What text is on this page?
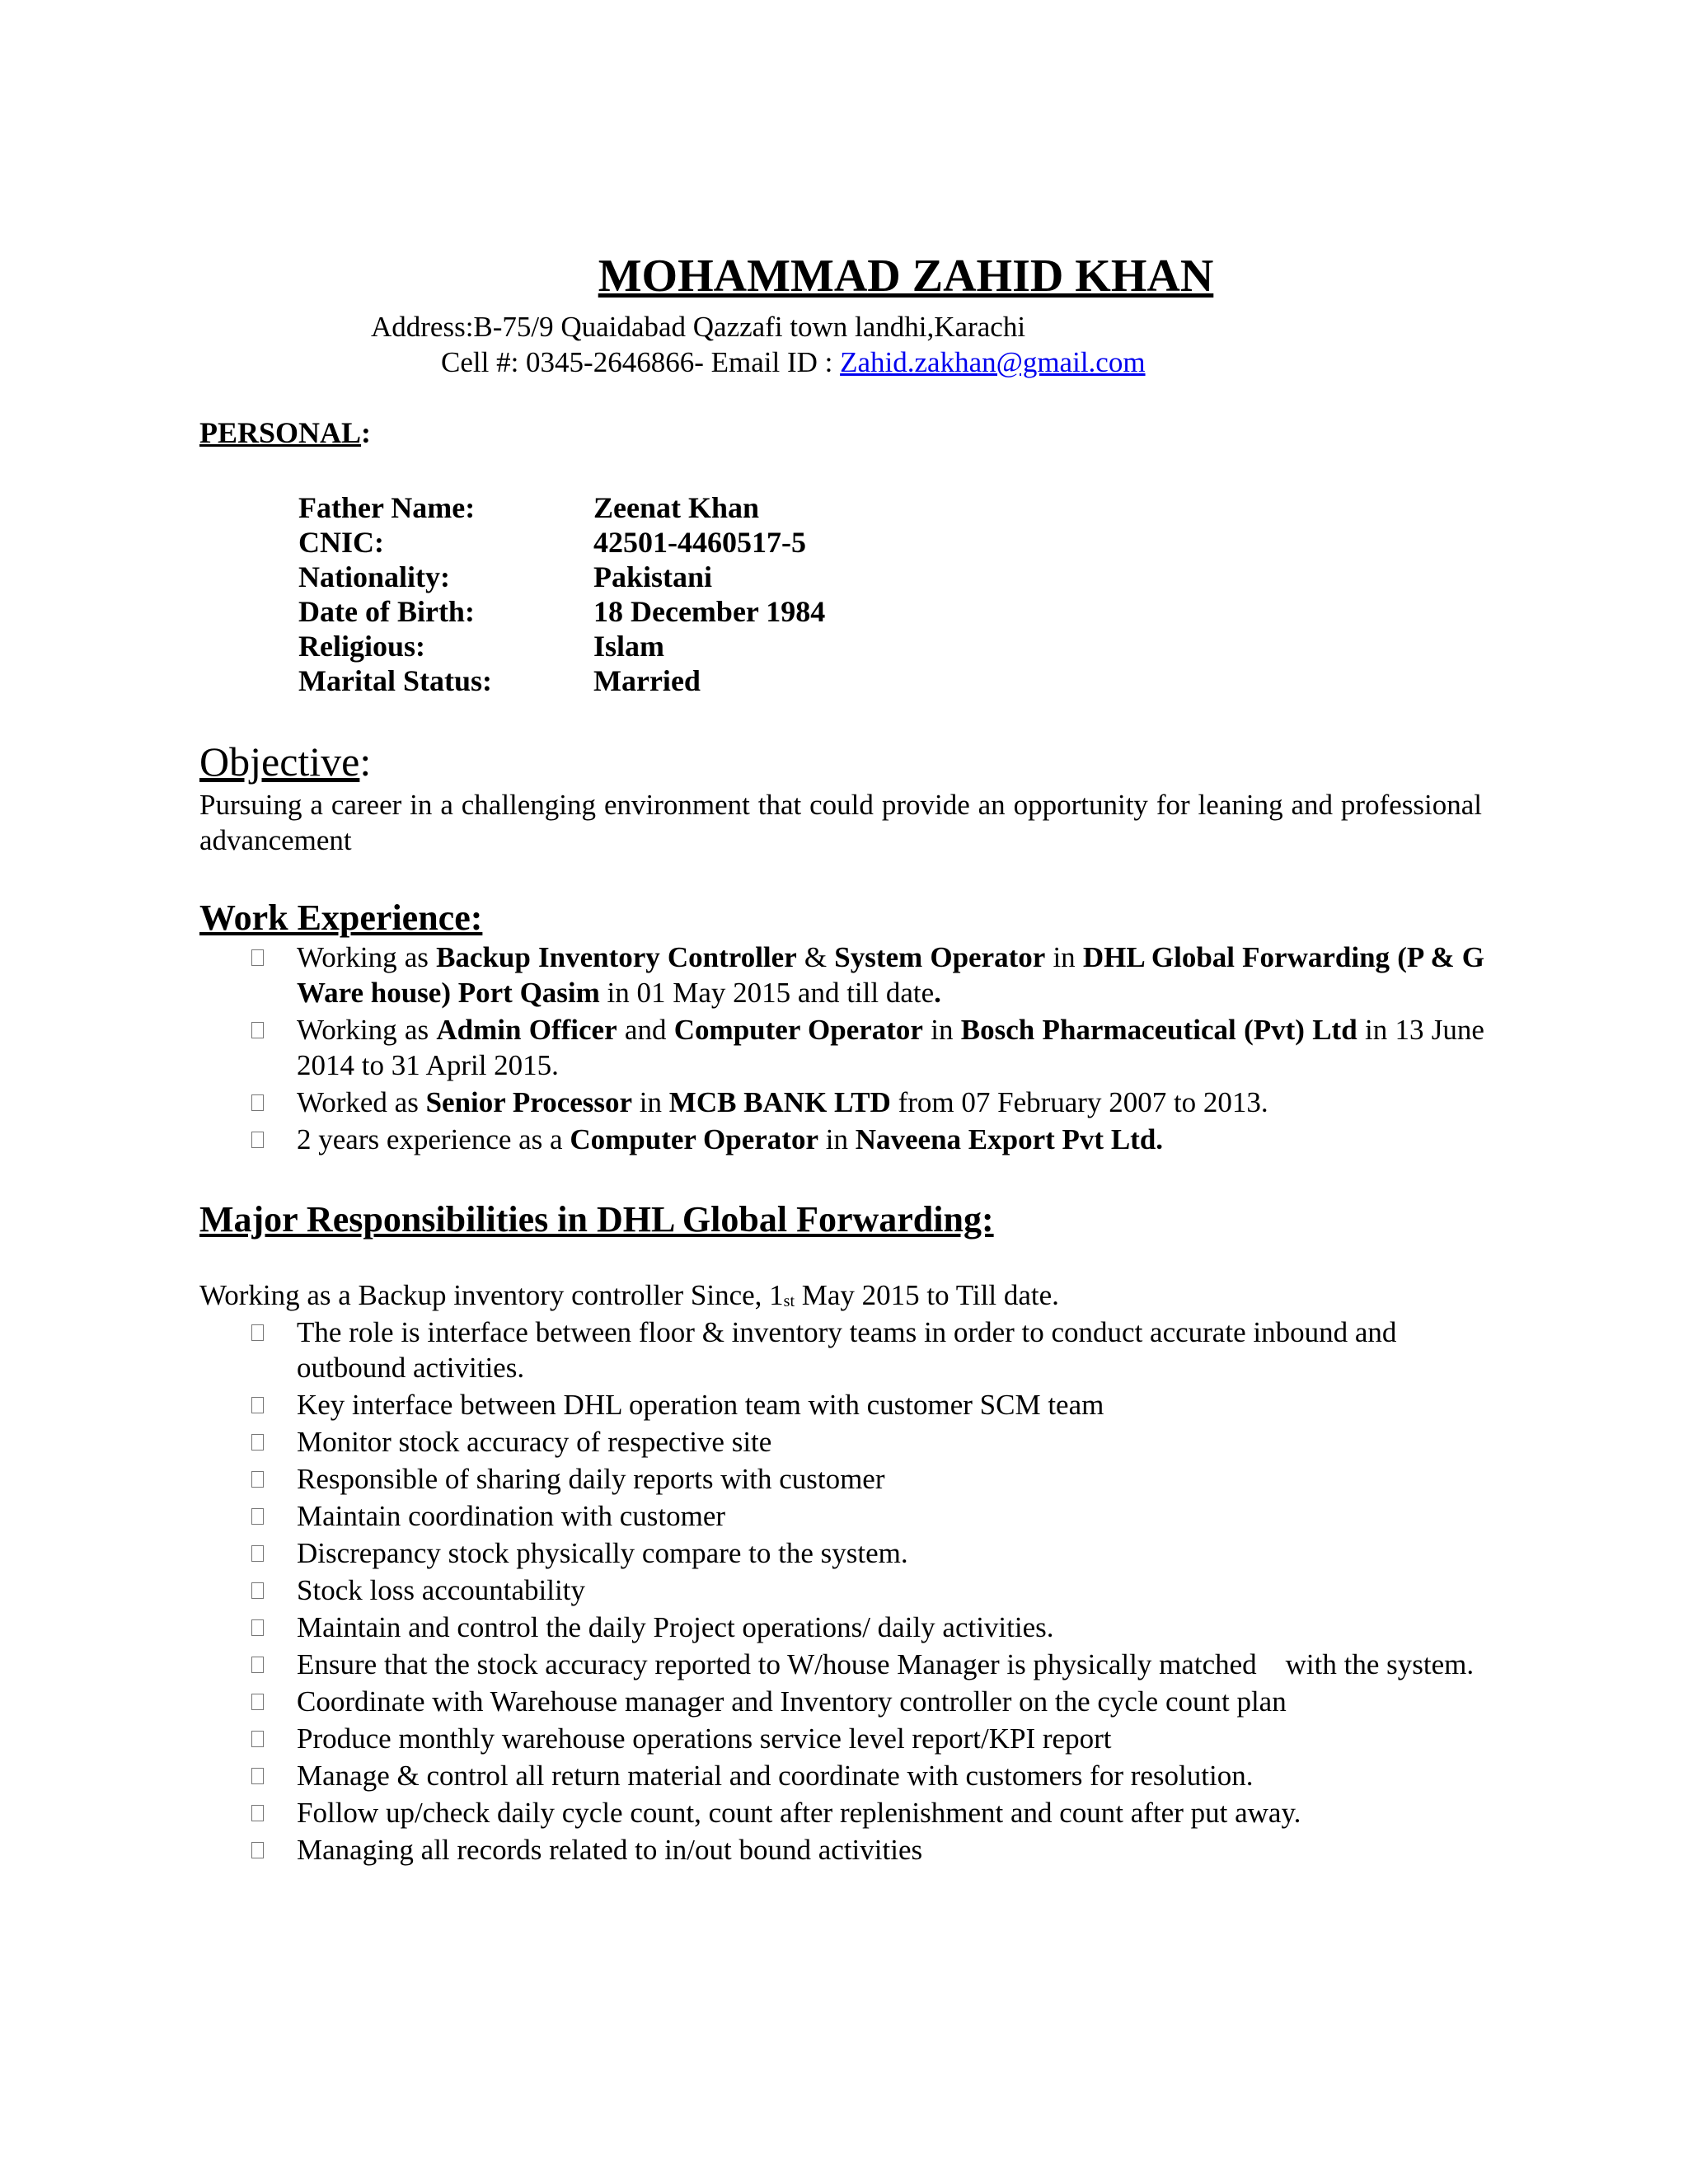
MOHAMMAD ZAHID KHAN
Address:B-75/9 Quaidabad Qazzafi town landhi,Karachi
Cell #: 0345-2646866- Email ID : Zahid.zakhan@gmail.com
PERSONAL:
Father Name:	Zeenat Khan
CNIC:	42501-4460517-5
Nationality:	Pakistani
Date of Birth:	18 December 1984
Religious:	Islam
Marital Status:	Married
Objective:
Pursuing a career in a challenging environment that could provide an opportunity for leaning and professional advancement
Work Experience:
Working as Backup Inventory Controller & System Operator in DHL Global Forwarding (P & G Ware house) Port Qasim in 01 May 2015 and till date.
Working as Admin Officer and Computer Operator in Bosch Pharmaceutical (Pvt) Ltd in 13 June 2014 to 31 April 2015.
Worked as Senior Processor in MCB BANK LTD from 07 February 2007 to 2013.
2 years experience as a Computer Operator in Naveena Export Pvt Ltd.
Major Responsibilities in DHL Global Forwarding:
Working as a Backup inventory controller Since, 1st May 2015 to Till date.
The role is interface between floor & inventory teams in order to conduct accurate inbound and outbound activities.
Key interface between DHL operation team with customer SCM team
Monitor stock accuracy of respective site
Responsible of sharing daily reports with customer
Maintain coordination with customer
Discrepancy stock physically compare to the system.
Stock loss accountability
Maintain and control the daily Project operations/ daily activities.
Ensure that the stock accuracy reported to W/house Manager is physically matched    with the system.
Coordinate with Warehouse manager and Inventory controller on the cycle count plan
Produce monthly warehouse operations service level report/KPI report
Manage & control all return material and coordinate with customers for resolution.
Follow up/check daily cycle count, count after replenishment and count after put away.
Managing all records related to in/out bound activities
